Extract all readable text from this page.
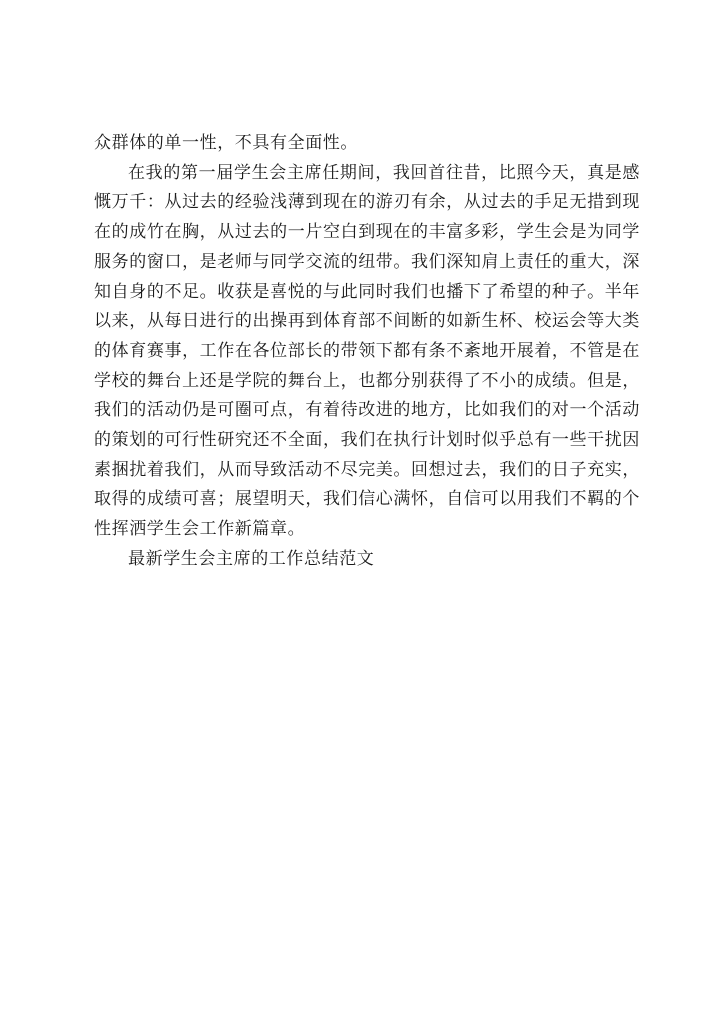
众群体的单一性，不具有全面性。

在我的第一届学生会主席任期间，我回首往昔，比照今天，真是感慨万千：从过去的经验浅薄到现在的游刃有余，从过去的手足无措到现在的成竹在胸，从过去的一片空白到现在的丰富多彩，学生会是为同学服务的窗口，是老师与同学交流的纽带。我们深知肩上责任的重大，深知自身的不足。收获是喜悦的与此同时我们也播下了希望的种子。半年以来，从每日进行的出操再到体育部不间断的如新生杯、校运会等大类的体育赛事，工作在各位部长的带领下都有条不紊地开展着，不管是在学校的舞台上还是学院的舞台上，也都分别获得了不小的成绩。但是，我们的活动仍是可圈可点，有着待改进的地方，比如我们的对一个活动的策划的可行性研究还不全面，我们在执行计划时似乎总有一些干扰因素捆扰着我们，从而导致活动不尽完美。回想过去，我们的日子充实，取得的成绩可喜；展望明天，我们信心满怀，自信可以用我们不羁的个性挥洒学生会工作新篇章。

最新学生会主席的工作总结范文
